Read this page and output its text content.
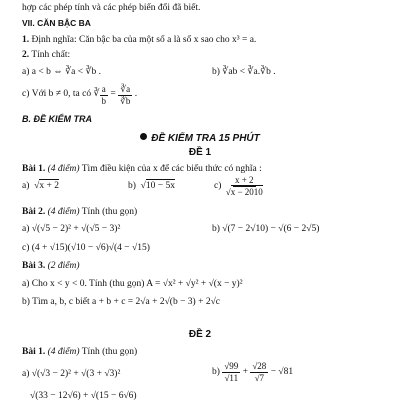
hợp các phép tính và các phép biến đổi đã biết.
VII. CĂN BẬC BA
1. Định nghĩa: Căn bậc ba của một số a là số x sao cho x³ = a.
2. Tính chất:
a) a < b ⇔ ∛a < ∛b .	b) ∛ab < ∛a.∛b .
c)
Với b ≠ 0, ta có
∛ $\frac{a}{b} = \frac{∛a}{∛b}$ .
B. ĐỀ KIỂM TRA
ĐỀ KIỂM TRA 15 PHÚT
ĐỀ 1
Bài 1. (4 điểm) Tìm điều kiện của x để các biểu thức có nghĩa :
a)  √x + 2	b)  √10 − 5x	c)
$\frac{x + 2}{√x - 2010}$
Bài 2. (4 điểm) Tính (thu gọn)
a) √(√5 − 2)² + √(√5 − 3)²	b) √(7 − 2√10) − √(6 − 2√5)
c) (4 + √15)(√10 − √6)√(4 − √15)
Bài 3. (2 điểm)
a) Cho x < y < 0. Tính (thu gọn) A = √x² + √y² + √(x − y)²
b) Tìm a, b, c biết a + b + c = 2√a + 2√(b − 3) + 2√c
ĐỀ 2
Bài 1. (4 điểm) Tính (thu gọn)
a) √(√3 − 2)² + √(3 + √3)²	b)
$\frac{√99}{√11}$
+
$\frac{√28}{√7}$
− √81
√(33 − 12√6) + √(15 − 6√6)
